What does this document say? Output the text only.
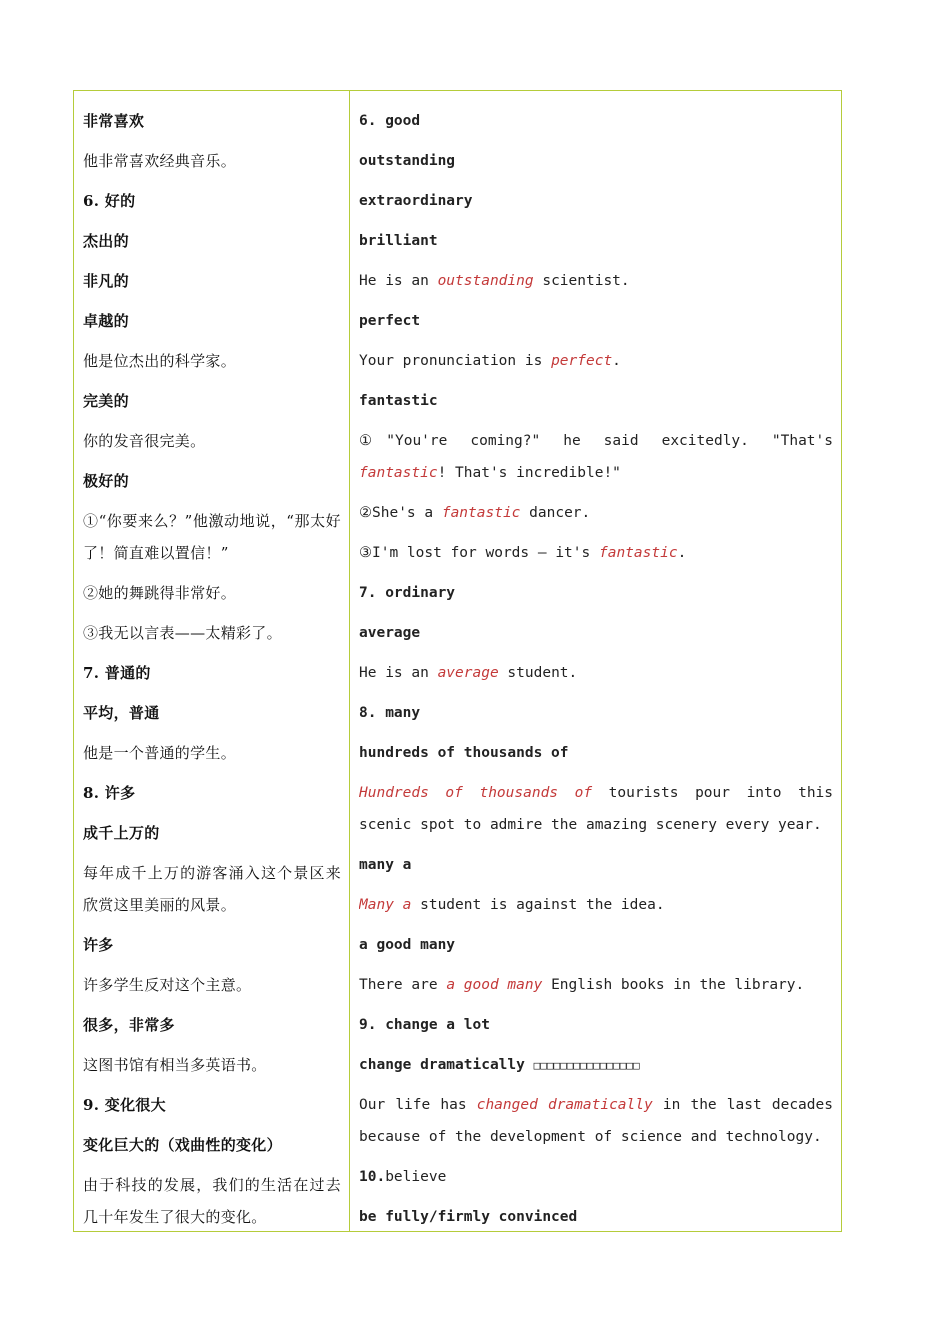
非常喜欢
他非常喜欢经典音乐。
6. 好的
杰出的
非凡的
卓越的
他是位杰出的科学家。
完美的
你的发音很完美。
极好的
①“你要来么？”他激动地说，“那太好了！简直难以置信！”
②她的舞跳得非常好。
③我无以言表——太精彩了。
7. 普通的
平均，普通
他是一个普通的学生。
8. 许多
成千上万的
每年成千上万的游客涌入这个景区来欣赏这里美丽的风景。
许多
许多学生反对这个主意。
很多，非常多
这图书馆有相当多英语书。
9. 变化很大
变化巨大的（戏曲性的变化）
由于科技的发展，我们的生活在过去几十年发生了很大的变化。
6. good
outstanding
extraordinary
brilliant
He is an outstanding scientist.
perfect
Your pronunciation is perfect.
fantastic
①"You're coming?" he said excitedly. "That's fantastic! That's incredible!"
②She's a fantastic dancer.
③I'm lost for words — it's fantastic.
7. ordinary
average
He is an average student.
8. many
hundreds of thousands of
Hundreds of thousands of tourists pour into this scenic spot to admire the amazing scenery every year.
many a
Many a student is against the idea.
a good many
There are a good many English books in the library.
9. change a lot
change dramatically □□□□□□□□□□□□□□□□
Our life has changed dramatically in the last decades because of the development of science and technology.
10.believe
be fully/firmly convinced
